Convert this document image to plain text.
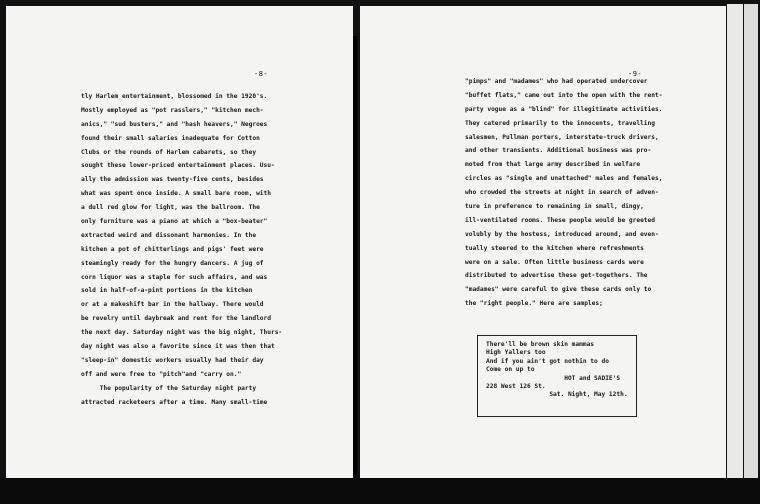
-8-
tly Harlem entertainment, blossomed in the 1920's.
Mostly employed as "pot rasslers," "kitchen mech-
anics," "sud busters," and "hash heavers," Negroes
found their small salaries inadequate for Cotton
Clubs or the rounds of Harlem cabarets, so they
sought these lower-priced entertainment places. Usu-
ally the admission was twenty-five cents, besides
what was spent once inside. A small bare room, with
a dull red glow for light, was the ballroom. The
only furniture was a piano at which a "box-beater"
extracted weird and dissonant harmonies. In the
kitchen a pot of chitterlings and pigs' feet were
steamingly ready for the hungry dancers. A jug of
corn liquor was a staple for such affairs, and was
sold in half-of-a-pint portions in the kitchen
or at a makeshift bar in the hallway. There would
be revelry until daybreak and rent for the landlord
the next day. Saturday night was the big night, Thurs-
day night was also a favorite since it was then that
"sleep-in" domestic workers usually had their day
off and were free to "pitch"and "carry on."
The popularity of the Saturday night party
attracted racketeers after a time. Many small-time
-9-
"pimps" and "madames" who had operated undercover
"buffet flats," came out into the open with the rent-
party vogue as a "blind" for illegitimate activities.
They catered primarily to the innocents, travelling
salesmen, Pullman porters, interstate-truck drivers,
and other transients. Additional business was pro-
moted from that large army described in welfare
circles as "single and unattached" males and females,
who crowded the streets at night in search of adven-
ture in preference to remaining in small, dingy,
ill-ventilated rooms. These people would be greeted
volubly by the hostess, introduced around, and even-
tually steered to the kitchen where refreshments
were on a sale. Often little business cards were
distributed to advertise these get-togethers. The
"madames" were careful to give these cards only to
the "right people." Here are samples;
There'll be brown skin mammas
High Yallers too
And if you ain't got nothin to do
Come on up to
HOT and SADIE'S
228 West 126 St.
Sat. Night, May 12th.
